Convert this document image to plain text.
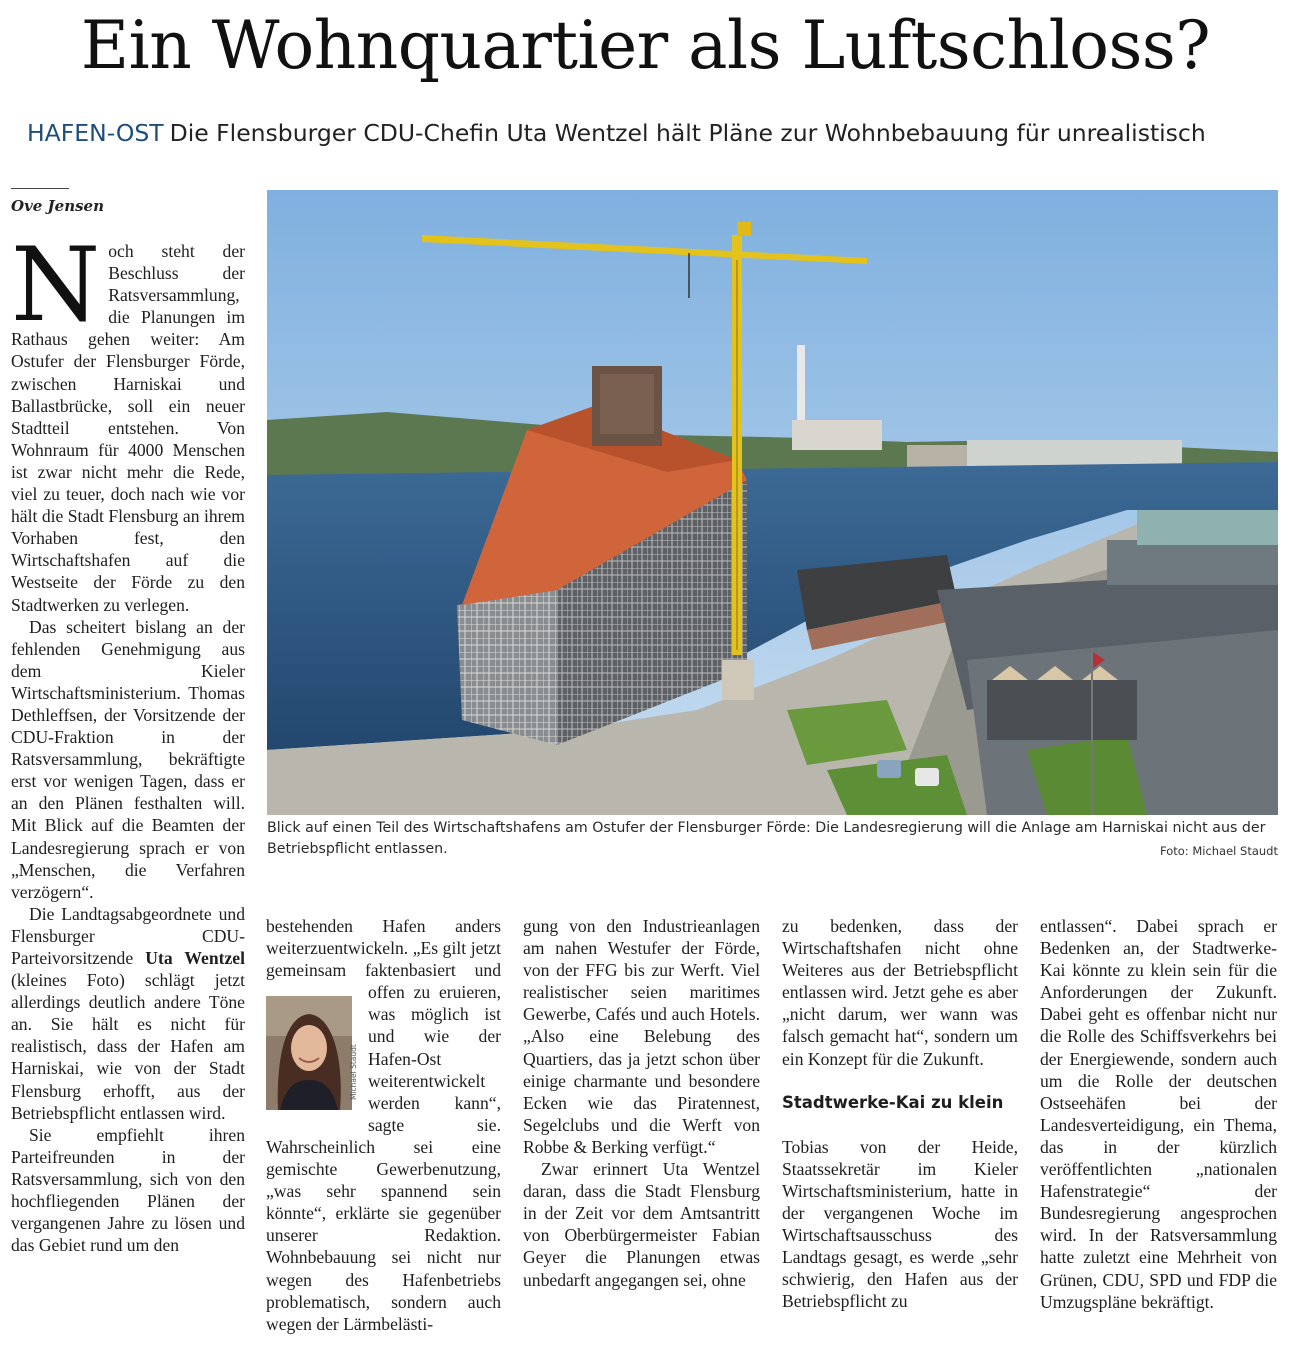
Ein Wohnquartier als Luftschloss?
HAFEN-OST Die Flensburger CDU-Chefin Uta Wentzel hält Pläne zur Wohnbebauung für unrealistisch
Ove Jensen

Noch steht der Beschluss der Ratsversammlung, die Planungen im Rathaus gehen weiter: Am Ostufer der Flensburger Förde, zwischen Harniskai und Ballastbrücke, soll ein neuer Stadtteil entstehen. Von Wohnraum für 4000 Menschen ist zwar nicht mehr die Rede, viel zu teuer, doch nach wie vor hält die Stadt Flensburg an ihrem Vorhaben fest, den Wirtschaftshafen auf die Westseite der Förde zu den Stadtwerken zu verlegen.

Das scheitert bislang an der fehlenden Genehmigung aus dem Kieler Wirtschaftsministerium. Thomas Dethleffsen, der Vorsitzende der CDU-Fraktion in der Ratsversammlung, bekräftigte erst vor wenigen Tagen, dass er an den Plänen festhalten will. Mit Blick auf die Beamten der Landesregierung sprach er von „Menschen, die Verfahren verzögern“.

Die Landtagsabgeordnete und Flensburger CDU-Parteivorsitzende Uta Wentzel (kleines Foto) schlägt jetzt allerdings deutlich andere Töne an. Sie hält es nicht für realistisch, dass der Hafen am Harniskai, wie von der Stadt Flensburg erhofft, aus der Betriebspflicht entlassen wird.

Sie empfiehlt ihren Parteifreunden in der Ratsversammlung, sich von den hochfliegenden Plänen der vergangenen Jahre zu lösen und das Gebiet rund um den

Blick auf einen Teil des Wirtschaftshafens am Ostufer der Flensburger Förde: Die Landesregierung will die Anlage am Harniskai nicht aus der Betriebspflicht entlassen.	Foto: Michael Staudt

bestehenden Hafen anders weiterzuentwickeln. „Es gilt jetzt gemeinsam faktenbasiert und offen zu eruieren, was möglich ist und wie der Hafen-Ost weiterentwickelt werden kann“, sagte sie. Wahrscheinlich sei eine gemischte Gewerbenutzung, „was sehr spannend sein könnte“, erklärte sie gegenüber unserer Redaktion. Wohnbebauung sei nicht nur wegen des Hafenbetriebs problematisch, sondern auch wegen der Lärmbelästi-

Michael Staudt

gung von den Industrieanlagen am nahen Westufer der Förde, von der FFG bis zur Werft. Viel realistischer seien maritimes Gewerbe, Cafés und auch Hotels. „Also eine Belebung des Quartiers, das ja jetzt schon über einige charmante und besondere Ecken wie das Piratennest, Segelclubs und die Werft von Robbe & Berking verfügt.“

Zwar erinnert Uta Wentzel daran, dass die Stadt Flensburg in der Zeit vor dem Amtsantritt von Oberbürgermeister Fabian Geyer die Planungen etwas unbedarft angegangen sei, ohne

zu bedenken, dass der Wirtschaftshafen nicht ohne Weiteres aus der Betriebspflicht entlassen wird. Jetzt gehe es aber „nicht darum, wer wann was falsch gemacht hat“, sondern um ein Konzept für die Zukunft.

Stadtwerke-Kai zu klein

Tobias von der Heide, Staatssekretär im Kieler Wirtschaftsministerium, hatte in der vergangenen Woche im Wirtschaftsausschuss des Landtags gesagt, es werde „sehr schwierig, den Hafen aus der Betriebspflicht zu

entlassen“. Dabei sprach er Bedenken an, der Stadtwerke-Kai könnte zu klein sein für die Anforderungen der Zukunft. Dabei geht es offenbar nicht nur die Rolle des Schiffsverkehrs bei der Energiewende, sondern auch um die Rolle der deutschen Ostseehäfen bei der Landesverteidigung, ein Thema, das in der kürzlich veröffentlichten „nationalen Hafenstrategie“ der Bundesregierung angesprochen wird. In der Ratsversammlung hatte zuletzt eine Mehrheit von Grünen, CDU, SPD und FDP die Umzugspläne bekräftigt.
